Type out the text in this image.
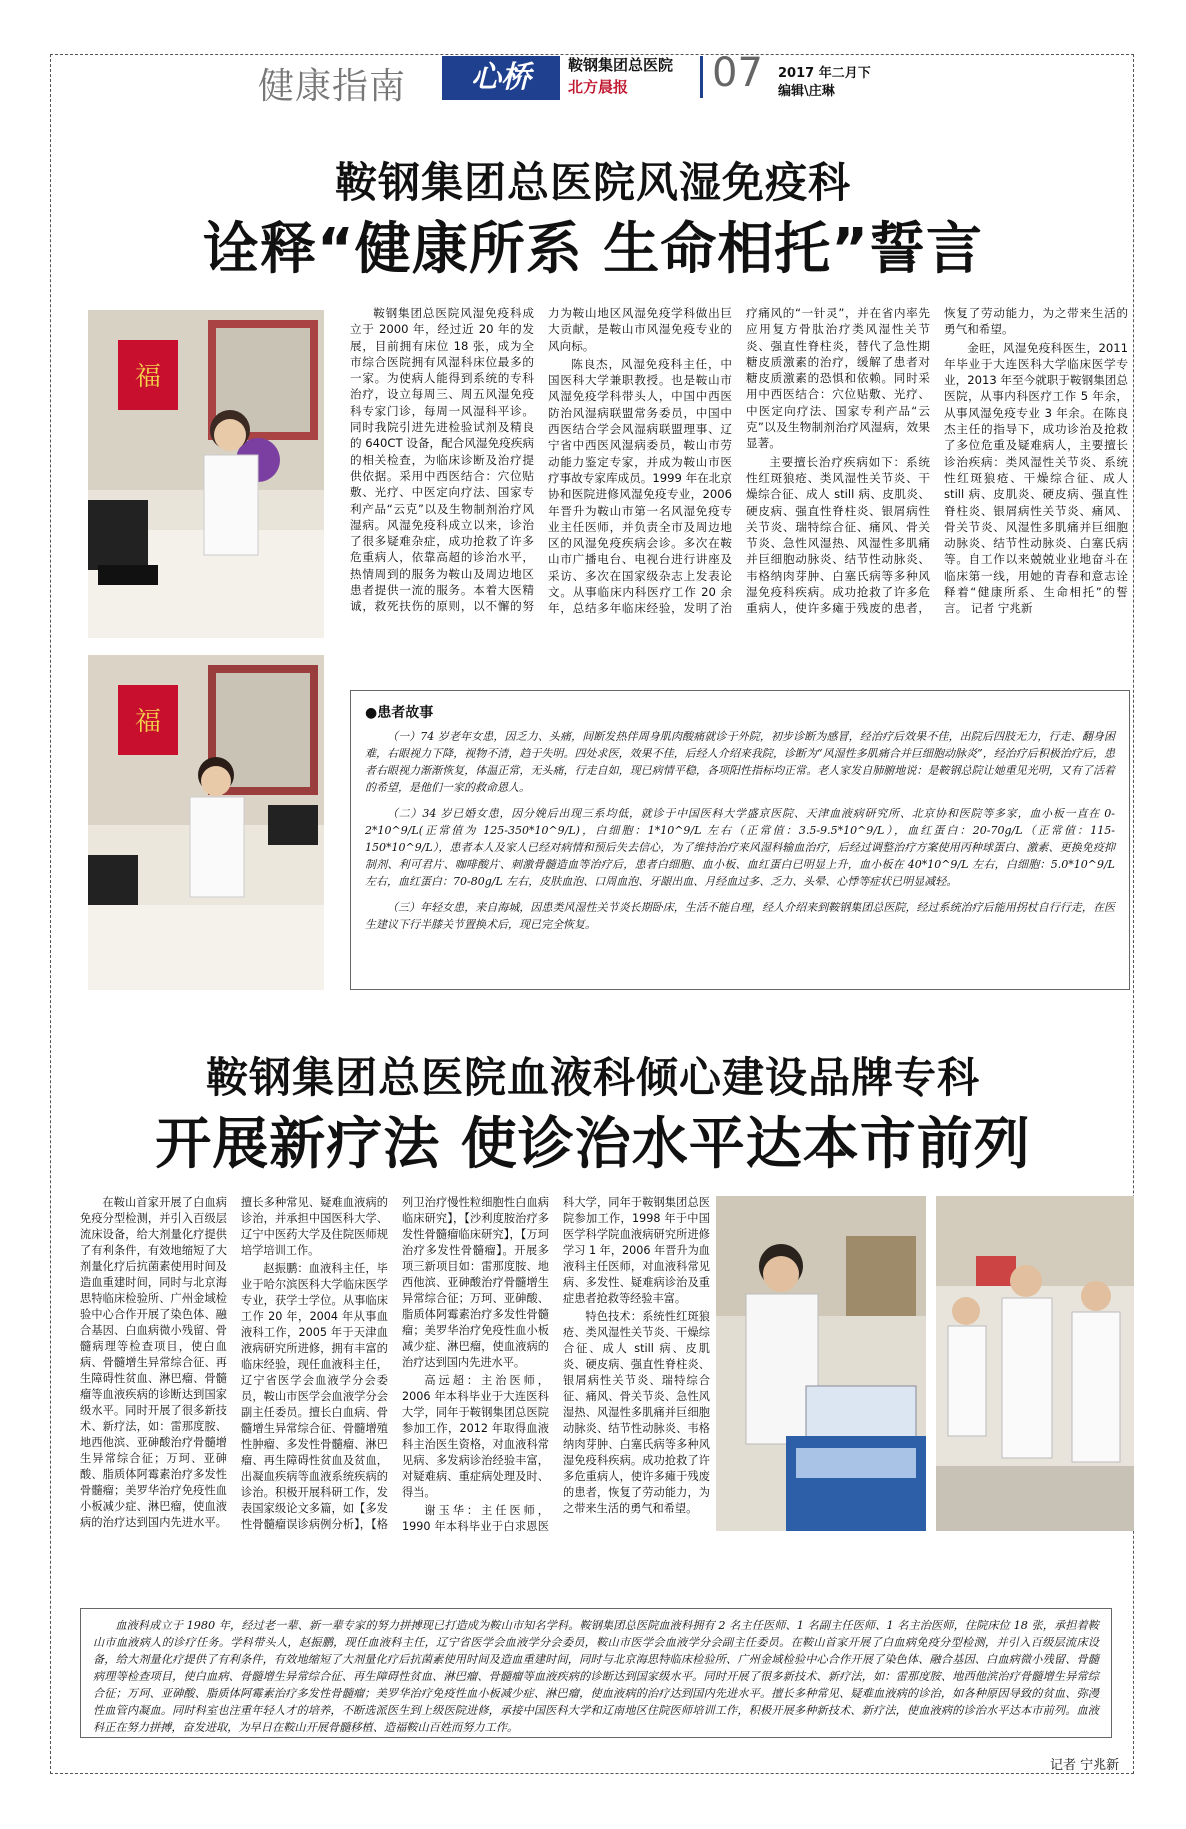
健康指南	心桥	鞍钢集团总医院
北方晨报 07 2017 年二月下
编辑\庄琳
鞍钢集团总医院风湿免疫科
诠释“健康所系 生命相托”誓言
福
福

鞍钢集团总医院风湿免疫科成立于 2000 年，经过近 20 年的发展，目前拥有床位 18 张，成为全市综合医院拥有风湿科床位最多的一家。为使病人能得到系统的专科治疗，设立每周三、周五风湿免疫科专家门诊，每周一风湿科平诊。同时我院引进先进检验试剂及精良的 640CT 设备，配合风湿免疫疾病的相关检查，为临床诊断及治疗提供依据。采用中西医结合：穴位贴敷、光疗、中医定向疗法、国家专利产品“云克”以及生物制剂治疗风湿病。风湿免疫科成立以来，诊治了很多疑难杂症，成功抢救了许多危重病人，依靠高超的诊治水平，热情周到的服务为鞍山及周边地区患者提供一流的服务。本着大医精诚，救死扶伤的原则，以不懈的努力为鞍山地区风湿免疫学科做出巨大贡献，是鞍山市风湿免疫专业的风向标。

陈良杰，风湿免疫科主任，中国医科大学兼职教授。也是鞍山市风湿免疫学科带头人，中国中西医防治风湿病联盟常务委员，中国中西医结合学会风湿病联盟理事、辽宁省中西医风湿病委员，鞍山市劳动能力鉴定专家，并成为鞍山市医疗事故专家库成员。1999 年在北京协和医院进修风湿免疫专业，2006 年晋升为鞍山市第一名风湿免疫专业主任医师，并负责全市及周边地区的风湿免疫疾病会诊。多次在鞍山市广播电台、电视台进行讲座及采访、多次在国家级杂志上发表论文。从事临床内科医疗工作 20 余年，总结多年临床经验，发明了治疗痛风的“一针灵”，并在省内率先应用复方骨肽治疗类风湿性关节炎、强直性脊柱炎，替代了急性期糖皮质激素的治疗，缓解了患者对糖皮质激素的恐惧和依赖。同时采用中西医结合：穴位贴敷、光疗、中医定向疗法、国家专利产品“云克”以及生物制剂治疗风湿病，效果显著。

主要擅长治疗疾病如下：系统性红斑狼疮、类风湿性关节炎、干燥综合征、成人 still 病、皮肌炎、硬皮病、强直性脊柱炎、银屑病性关节炎、瑞特综合征、痛风、骨关节炎、急性风湿热、风湿性多肌痛并巨细胞动脉炎、结节性动脉炎、韦格纳肉芽肿、白塞氏病等多种风湿免疫科疾病。成功抢救了许多危重病人，使许多瘫于残废的患者，恢复了劳动能力，为之带来生活的勇气和希望。

金旺，风湿免疫科医生，2011 年毕业于大连医科大学临床医学专业，2013 年至今就职于鞍钢集团总医院，从事内科医疗工作 5 年余，从事风湿免疫专业 3 年余。在陈良杰主任的指导下，成功诊治及抢救了多位危重及疑难病人，主要擅长诊治疾病：类风湿性关节炎、系统性红斑狼疮、干燥综合征、成人 still 病、皮肌炎、硬皮病、强直性脊柱炎、银屑病性关节炎、痛风、骨关节炎、风湿性多肌痛并巨细胞动脉炎、结节性动脉炎、白塞氏病等。自工作以来兢兢业业地奋斗在临床第一线，用她的青春和意志诠释着“健康所系、生命相托”的誓言。 记者 宁兆新

●患者故事

（一）74 岁老年女患，因乏力、头痛，间断发热伴周身肌肉酸痛就诊于外院，初步诊断为感冒，经治疗后效果不佳，出院后四肢无力，行走、翻身困难，右眼视力下降，视物不清，趋于失明。四处求医，效果不佳，后经人介绍来我院，诊断为“风湿性多肌痛合并巨细胞动脉炎”，经治疗后积极治疗后，患者右眼视力渐渐恢复，体温正常，无头痛，行走自如，现已病情平稳，各项阳性指标均正常。老人家发自肺腑地说：是鞍钢总院让她重见光明，又有了活着的希望，是他们一家的救命恩人。

（二）34 岁已婚女患，因分娩后出现三系均低，就诊于中国医科大学盛京医院、天津血液病研究所、北京协和医院等多家，血小板一直在 0-2*10^9/L(正常值为 125-350*10^9/L)，白细胞：1*10^9/L 左右（正常值：3.5-9.5*10^9/L），血红蛋白：20-70g/L（正常值：115-150*10^9/L），患者本人及家人已经对病情和预后失去信心，为了维持治疗来风湿科输血治疗，后经过调整治疗方案使用丙种球蛋白、激素、更换免疫抑制剂、利可君片、咖啡酸片、刺激骨髓造血等治疗后，患者白细胞、血小板、血红蛋白已明显上升，血小板在 40*10^9/L 左右，白细胞：5.0*10^9/L 左右，血红蛋白：70-80g/L 左右，皮肤血泡、口周血泡、牙龈出血、月经血过多、乏力、头晕、心悸等症状已明显减轻。

（三）年轻女患，来自海城，因患类风湿性关节炎长期卧床，生活不能自理，经人介绍来到鞍钢集团总医院，经过系统治疗后能用拐杖自行行走，在医生建议下行半膝关节置换术后，现已完全恢复。

鞍钢集团总医院血液科倾心建设品牌专科
开展新疗法 使诊治水平达本市前列

在鞍山首家开展了白血病免疫分型检测，并引入百级层流床设备，给大剂量化疗提供了有利条件，有效地缩短了大剂量化疗后抗菌素使用时间及造血重建时间，同时与北京海思特临床检验所、广州金域检验中心合作开展了染色体、融合基因、白血病微小残留、骨髓病理等检查项目，使白血病、骨髓增生异常综合征、再生障碍性贫血、淋巴瘤、骨髓瘤等血液疾病的诊断达到国家级水平。同时开展了很多新技术、新疗法，如：雷那度胺、地西他滨、亚砷酸治疗骨髓增生异常综合征；万珂、亚砷酸、脂质体阿霉素治疗多发性骨髓瘤；美罗华治疗免疫性血小板减少症、淋巴瘤，使血液病的治疗达到国内先进水平。擅长多种常见、疑难血液病的诊治，并承担中国医科大学、辽宁中医药大学及住院医师规培学培训工作。

赵振鹏：血液科主任，毕业于哈尔滨医科大学临床医学专业，获学士学位。从事临床工作 20 年，2004 年从事血液科工作，2005 年于天津血液病研究所进修，拥有丰富的临床经验，现任血液科主任，辽宁省医学会血液学分会委员，鞍山市医学会血液学分会副主任委员。擅长白血病、骨髓增生异常综合征、骨髓增殖性肿瘤、多发性骨髓瘤、淋巴瘤、再生障碍性贫血及贫血，出凝血疾病等血液系统疾病的诊治。积极开展科研工作，发表国家级论文多篇，如【多发性骨髓瘤误诊病例分析】，【格列卫治疗慢性粒细胞性白血病临床研究】，【沙利度胺治疗多发性骨髓瘤临床研究】，【万珂治疗多发性骨髓瘤】。开展多项三新项目如：雷那度胺、地西他滨、亚砷酸治疗骨髓增生异常综合征；万珂、亚砷酸、脂质体阿霉素治疗多发性骨髓瘤；美罗华治疗免疫性血小板减少症、淋巴瘤，使血液病的治疗达到国内先进水平。

高远超：主治医师，2006 年本科毕业于大连医科大学，同年于鞍钢集团总医院参加工作，2012 年取得血液科主治医生资格，对血液科常见病、多发病诊治经验丰富，对疑难病、重症病处理及时、得当。

谢玉华：主任医师，1990 年本科毕业于白求恩医科大学，同年于鞍钢集团总医院参加工作，1998 年于中国医学科学院血液病研究所进修学习 1 年，2006 年晋升为血液科主任医师，对血液科常见病、多发性、疑难病诊治及重症患者抢救等经验丰富。

特色技术：系统性红斑狼疮、类风湿性关节炎、干燥综合征、成人 still 病、皮肌炎、硬皮病、强直性脊柱炎、银屑病性关节炎、瑞特综合征、痛风、骨关节炎、急性风湿热、风湿性多肌痛并巨细胞动脉炎、结节性动脉炎、韦格纳肉芽肿、白塞氏病等多种风湿免疫科疾病。成功抢救了许多危重病人，使许多瘫于残废的患者，恢复了劳动能力，为之带来生活的勇气和希望。

血液科成立于 1980 年，经过老一辈、新一辈专家的努力拼搏现已打造成为鞍山市知名学科。鞍钢集团总医院血液科拥有 2 名主任医师、1 名副主任医师、1 名主治医师，住院床位 18 张，承担着鞍山市血液病人的诊疗任务。学科带头人，赵振鹏，现任血液科主任，辽宁省医学会血液学分会委员，鞍山市医学会血液学分会副主任委员。在鞍山首家开展了白血病免疫分型检测，并引入百级层流床设备，给大剂量化疗提供了有利条件，有效地缩短了大剂量化疗后抗菌素使用时间及造血重建时间，同时与北京海思特临床检验所、广州金域检验中心合作开展了染色体、融合基因、白血病微小残留、骨髓病理等检查项目，使白血病、骨髓增生异常综合征、再生障碍性贫血、淋巴瘤、骨髓瘤等血液疾病的诊断达到国家级水平。同时开展了很多新技术、新疗法，如：雷那度胺、地西他滨治疗骨髓增生异常综合征；万珂、亚砷酸、脂质体阿霉素治疗多发性骨髓瘤；美罗华治疗免疫性血小板减少症、淋巴瘤，使血液病的治疗达到国内先进水平。擅长多种常见、疑难血液病的诊治，如各种原因导致的贫血、弥漫性血管内凝血。同时科室也注重年轻人才的培养，不断选派医生到上级医院进修，承接中国医科大学和辽南地区住院医师培训工作，积极开展多种新技术、新疗法，使血液病的诊治水平达本市前列。血液科正在努力拼搏，奋发进取，为早日在鞍山开展骨髓移植、造福鞍山百姓而努力工作。

记者 宁兆新
